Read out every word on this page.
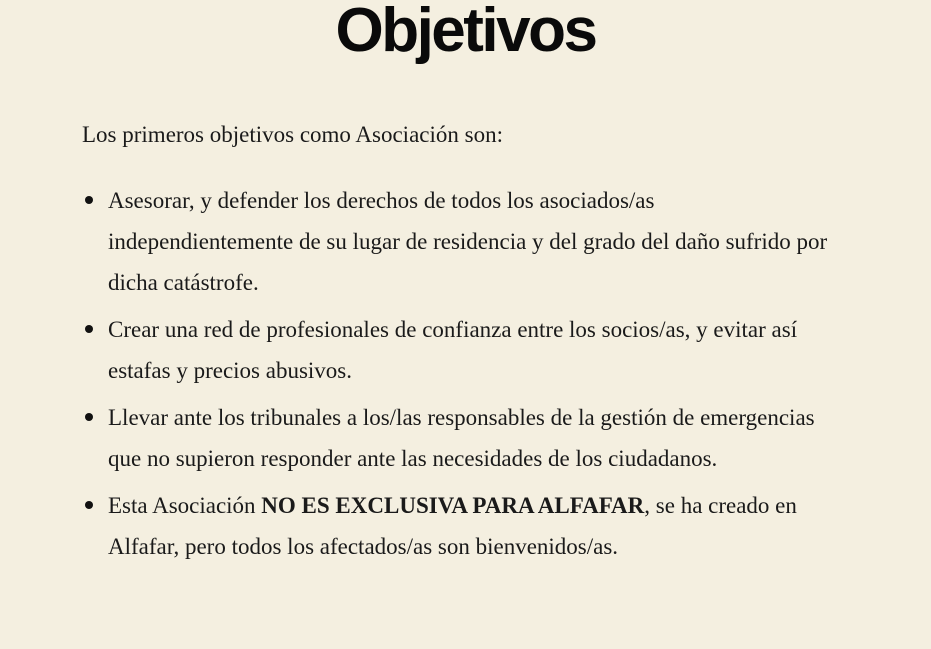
Objetivos

Los primeros objetivos como Asociación son:

Asesorar, y defender los derechos de todos los asociados/as independientemente de su lugar de residencia y del grado del daño sufrido por dicha catástrofe.
Crear una red de profesionales de confianza entre los socios/as, y evitar así estafas y precios abusivos.
Llevar ante los tribunales a los/las responsables de la gestión de emergencias que no supieron responder ante las necesidades de los ciudadanos.
Esta Asociación NO ES EXCLUSIVA PARA ALFAFAR, se ha creado en Alfafar, pero todos los afectados/as son bienvenidos/as.
